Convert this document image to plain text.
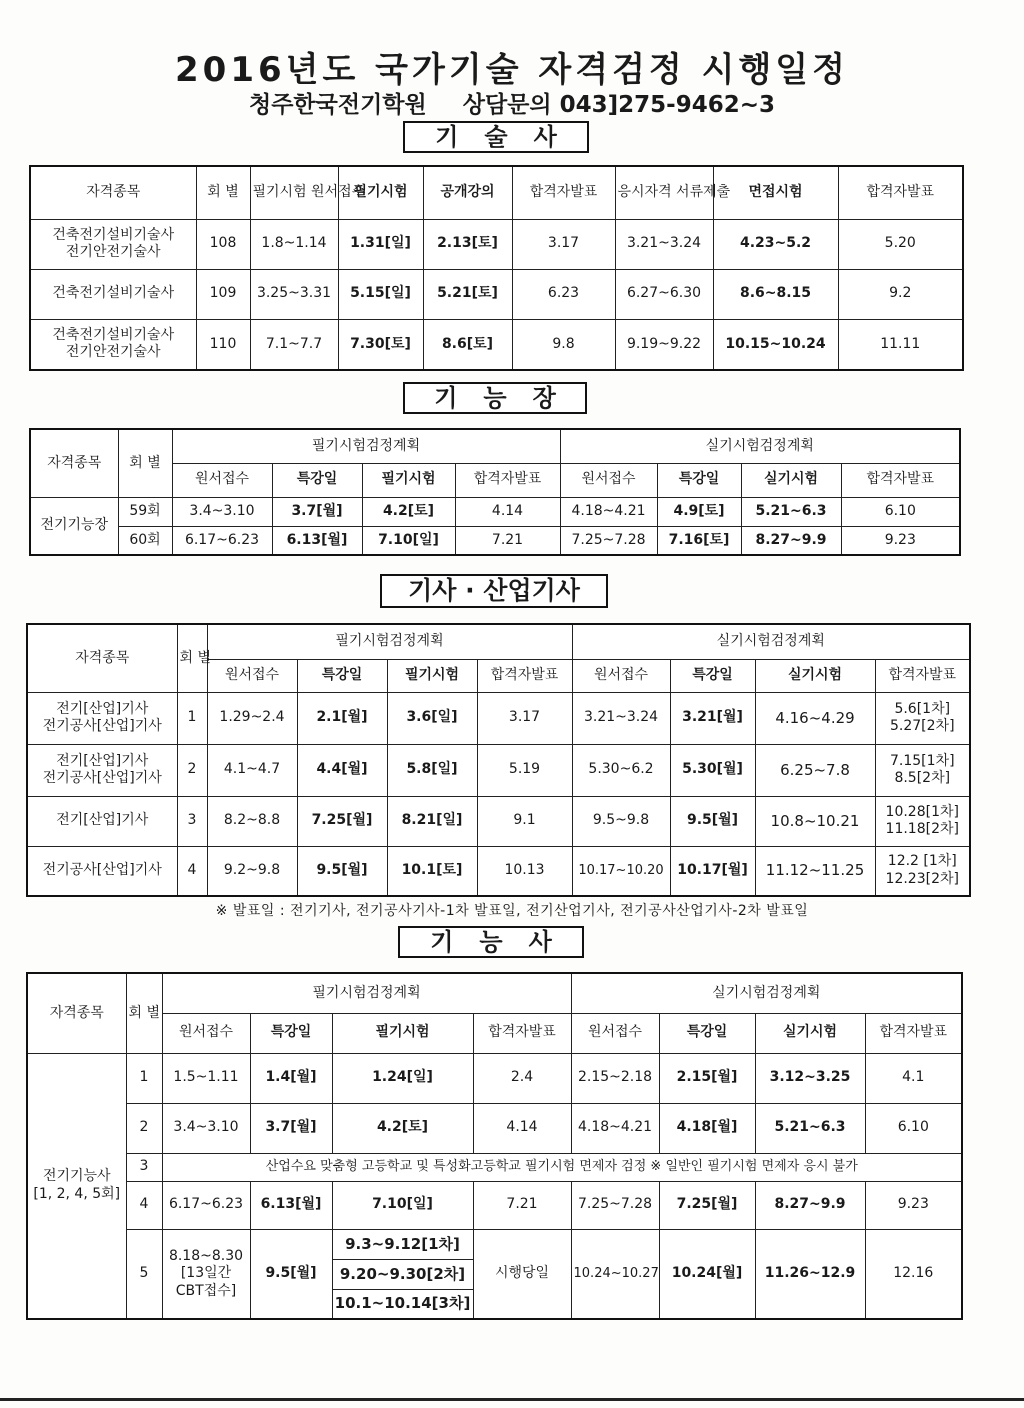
2016년도 국가기술 자격검정 시행일정
청주한국전기학원 상담문의 043]275-9462~3
기술사
자격종목	회 별	필기시험 원서접수	필기시험	공개강의	합격자발표	응시자격 서류제출	면접시험	합격자발표
건축전기설비기술사
전기안전기술사	108	1.8~1.14	1.31[일]	2.13[토]	3.17	3.21~3.24	4.23~5.2	5.20
건축전기설비기술사	109	3.25~3.31	5.15[일]	5.21[토]	6.23	6.27~6.30	8.6~8.15	9.2
건축전기설비기술사
전기안전기술사	110	7.1~7.7	7.30[토]	8.6[토]	9.8	9.19~9.22	10.15~10.24	11.11
기능장
자격종목	회 별	필기시험검정계획				실기시험검정계획			
		원서접수	특강일	필기시험	합격자발표	원서접수	특강일	실기시험	합격자발표
전기기능장	59회	3.4~3.10	3.7[월]	4.2[토]	4.14	4.18~4.21	4.9[토]	5.21~6.3	6.10
	60회	6.17~6.23	6.13[월]	7.10[일]	7.21	7.25~7.28	7.16[토]	8.27~9.9	9.23
기사 · 산업기사
자격종목	회 별	필기시험검정계획				실기시험검정계획			
		원서접수	특강일	필기시험	합격자발표	원서접수	특강일	실기시험	합격자발표
전기[산업]기사
전기공사[산업]기사	1	1.29~2.4	2.1[월]	3.6[일]	3.17	3.21~3.24	3.21[월]	4.16~4.29	5.6[1차]
5.27[2차]
전기[산업]기사
전기공사[산업]기사	2	4.1~4.7	4.4[월]	5.8[일]	5.19	5.30~6.2	5.30[월]	6.25~7.8	7.15[1차]
8.5[2차]
전기[산업]기사	3	8.2~8.8	7.25[월]	8.21[일]	9.1	9.5~9.8	9.5[월]	10.8~10.21	10.28[1차]
11.18[2차]
전기공사[산업]기사	4	9.2~9.8	9.5[월]	10.1[토]	10.13	10.17~10.20	10.17[월]	11.12~11.25	12.2 [1차]
12.23[2차]
※ 발표일 : 전기기사, 전기공사기사-1차 발표일, 전기산업기사, 전기공사산업기사-2차 발표일
기능사
자격종목	회 별	필기시험검정계획				실기시험검정계획			
		원서접수	특강일	필기시험	합격자발표	원서접수	특강일	실기시험	합격자발표
전기기능사
[1, 2, 4, 5회]	1	1.5~1.11	1.4[월]	1.24[일]	2.4	2.15~2.18	2.15[월]	3.12~3.25	4.1
	2	3.4~3.10	3.7[월]	4.2[토]	4.14	4.18~4.21	4.18[월]	5.21~6.3	6.10
	3	산업수요 맞춤형 고등학교 및 특성화고등학교 필기시험 면제자 검정 ※ 일반인 필기시험 면제자 응시 불가							
	4	6.17~6.23	6.13[월]	7.10[일]	7.21	7.25~7.28	7.25[월]	8.27~9.9	9.23
	5	8.18~8.30
[13일간
CBT접수]	9.5[월]	9.3~9.12[1차]	시행당일	10.24~10.27	10.24[월]	11.26~12.9	12.16
				9.20~9.30[2차]					
				10.1~10.14[3차]					
